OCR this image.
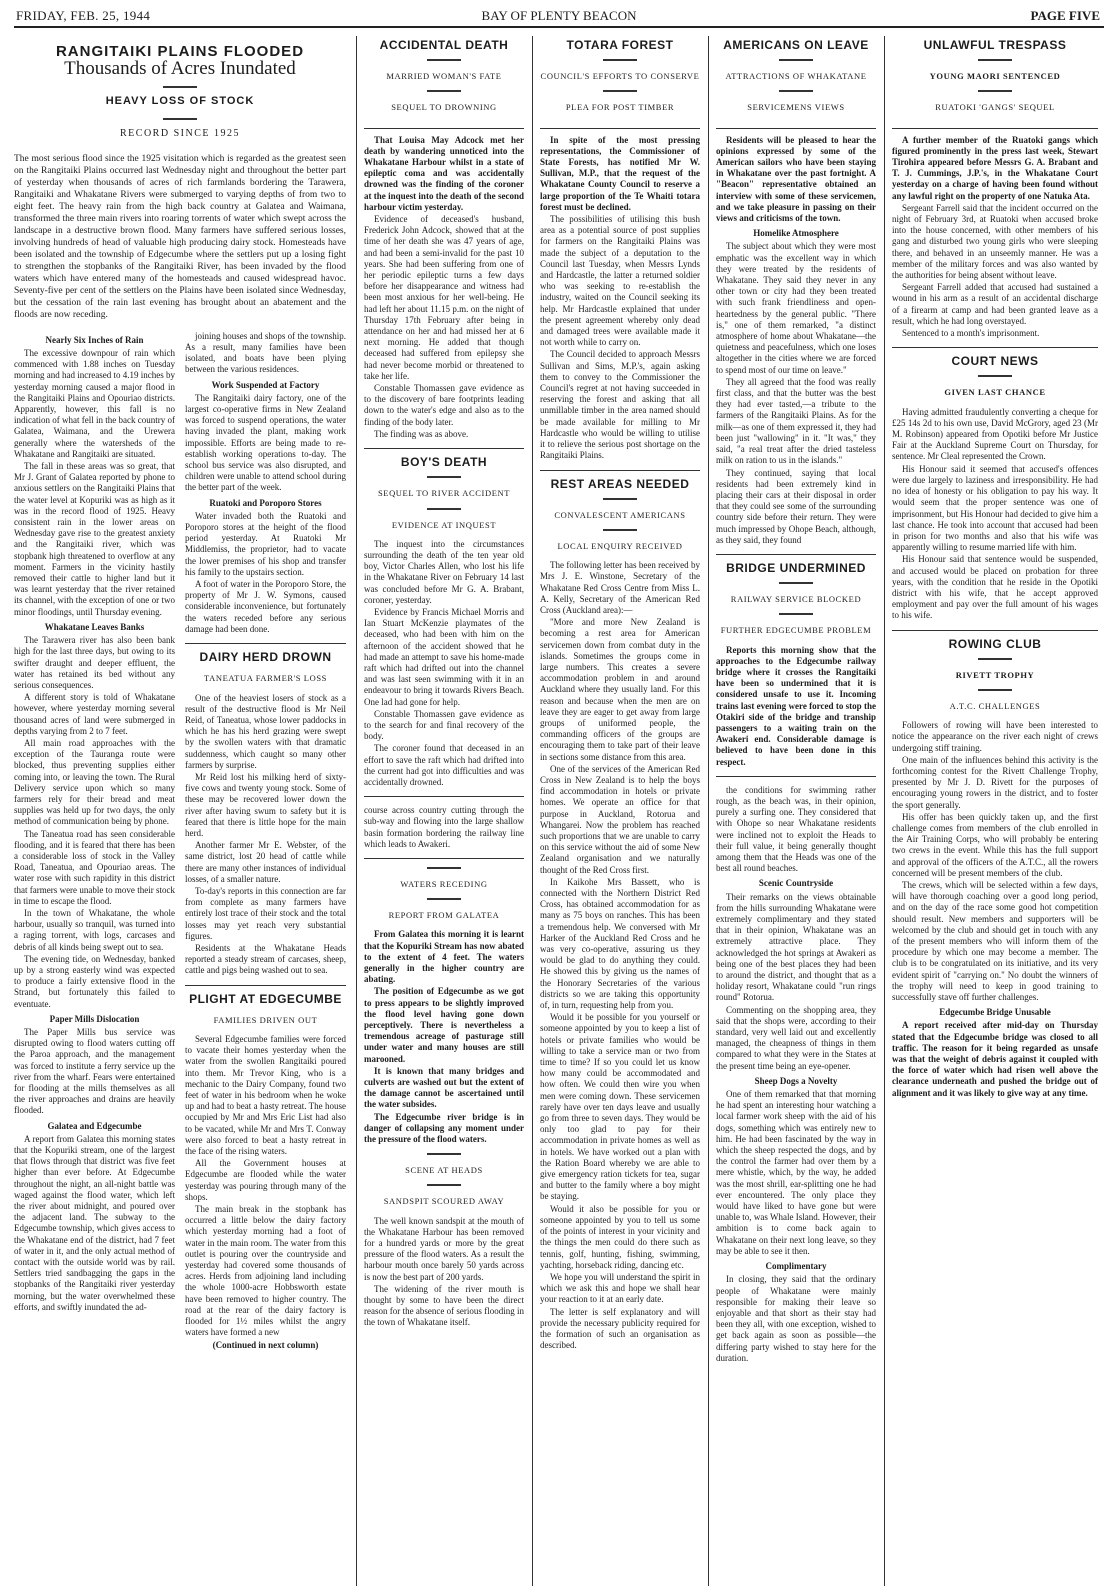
FRIDAY, FEB. 25, 1944	BAY OF PLENTY BEACON	PAGE FIVE
RANGITAIKI PLAINS FLOODED
Thousands of Acres Inundated
HEAVY LOSS OF STOCK
RECORD SINCE 1925
The most serious flood since the 1925 visitation which is regarded as the greatest seen on the Rangitaiki Plains occurred last Wednesday night and throughout the better part of yesterday when thousands of acres of rich farmlands bordering the Tarawera, Rangitaiki and Whakatane Rivers were submerged to varying depths of from two to eight feet. The heavy rain from the high back country at Galatea and Waimana, transformed the three main rivers into roaring torrents of water which swept across the landscape in a destructive brown flood. Many farmers have suffered serious losses, involving hundreds of head of valuable high producing dairy stock. Homesteads have been isolated and the township of Edgecumbe where the settlers put up a losing fight to strengthen the stopbanks of the Rangitaiki River, has been invaded by the flood waters which have entered many of the homesteads and caused widespread havoc. Seventy-five per cent of the settlers on the Plains have been isolated since Wednesday, but the cessation of the rain last evening has brought about an abatement and the floods are now receding.
Nearly Six Inches of Rain

The excessive downpour of rain which commenced with 1.88 inches on Tuesday morning and had increased to 4.19 inches by yesterday morning caused a major flood in the Rangitaiki Plains and Opouriao districts. Apparently, however, this fall is no indication of what fell in the back country of Galatea, Waimana, and the Urewera generally where the watersheds of the Whakatane and Rangitaiki are situated.

The fall in these areas was so great, that Mr J. Grant of Galatea reported by phone to anxious settlers on the Rangitaiki Plains that the water level at Kopuriki was as high as it was in the record flood of 1925. Heavy consistent rain in the lower areas on Wednesday gave rise to the greatest anxiety and the Rangitaiki river, which was stopbank high threatened to overflow at any moment. Farmers in the vicinity hastily removed their cattle to higher land but it was learnt yesterday that the river retained its channel, with the exception of one or two minor floodings, until Thursday evening.

Whakatane Leaves Banks

The Tarawera river has also been bank high for the last three days, but owing to its swifter draught and deeper effluent, the water has retained its bed without any serious consequences.

A different story is told of Whakatane however, where yesterday morning several thousand acres of land were submerged in depths varying from 2 to 7 feet.

All main road approaches with the exception of the Tauranga route were blocked, thus preventing supplies either coming into, or leaving the town. The Rural Delivery service upon which so many farmers rely for their bread and meat supplies was held up for two days, the only method of communication being by phone.

The Taneatua road has seen considerable flooding, and it is feared that there has been a considerable loss of stock in the Valley Road, Taneatua, and Opouriao areas. The water rose with such rapidity in this district that farmers were unable to move their stock in time to escape the flood.

In the town of Whakatane, the whole harbour, usually so tranquil, was turned into a raging torrent, with logs, carcases and debris of all kinds being swept out to sea.

The evening tide, on Wednesday, banked up by a strong easterly wind was expected to produce a fairly extensive flood in the Strand, but fortunately this failed to eventuate.

Paper Mills Dislocation

The Paper Mills bus service was disrupted owing to flood waters cutting off the Paroa approach, and the management was forced to institute a ferry service up the river from the wharf. Fears were entertained for flooding at the mills themselves as all the river approaches and drains are heavily flooded.

Galatea and Edgecumbe

A report from Galatea this morning states that the Kopuriki stream, one of the largest that flows through that district was five feet higher than ever before. At Edgecumbe throughout the night, an all-night battle was waged against the flood water, which left the river about midnight, and poured over the adjacent land. The subway to the Edgecumbe township, which gives access to the Whakatane end of the district, had 7 feet of water in it, and the only actual method of contact with the outside world was by rail. Settlers tried sandbagging the gaps in the stopbanks of the Rangitaiki river yesterday morning, but the water overwhelmed these efforts, and swiftly inundated the ad-

joining houses and shops of the township. As a result, many families have been isolated, and boats have been plying between the various residences.

Work Suspended at Factory

The Rangitaiki dairy factory, one of the largest co-operative firms in New Zealand was forced to suspend operations, the water having invaded the plant, making work impossible. Efforts are being made to re-establish working operations to-day. The school bus service was also disrupted, and children were unable to attend school during the better part of the week.

Ruatoki and Poroporo Stores

Water invaded both the Ruatoki and Poroporo stores at the height of the flood period yesterday. At Ruatoki Mr Middlemiss, the proprietor, had to vacate the lower premises of his shop and transfer his family to the upstairs section.

A foot of water in the Poroporo Store, the property of Mr J. W. Symons, caused considerable inconvenience, but fortunately the waters receded before any serious damage had been done.

DAIRY HERD DROWN
TANEATUA FARMER'S LOSS

One of the heaviest losers of stock as a result of the destructive flood is Mr Neil Reid, of Taneatua, whose lower paddocks in which he has his herd grazing were swept by the swollen waters with that dramatic suddenness, which caught so many other farmers by surprise.

Mr Reid lost his milking herd of sixty-five cows and twenty young stock. Some of these may be recovered lower down the river after having swum to safety but it is feared that there is little hope for the main herd.

Another farmer Mr E. Webster, of the same district, lost 20 head of cattle while there are many other instances of individual losses, of a smaller nature.

To-day's reports in this connection are far from complete as many farmers have entirely lost trace of their stock and the total losses may yet reach very substantial figures.

Residents at the Whakatane Heads reported a steady stream of carcases, sheep, cattle and pigs being washed out to sea.

PLIGHT AT EDGECUMBE
FAMILIES DRIVEN OUT

Several Edgecumbe families were forced to vacate their homes yesterday when the water from the swollen Rangitaiki poured into them. Mr Trevor King, who is a mechanic to the Dairy Company, found two feet of water in his bedroom when he woke up and had to beat a hasty retreat. The house occupied by Mr and Mrs Eric List had also to be vacated, while Mr and Mrs T. Conway were also forced to beat a hasty retreat in the face of the rising waters.

All the Government houses at Edgecumbe are flooded while the water yesterday was pouring through many of the shops.

The main break in the stopbank has occurred a little below the dairy factory which yesterday morning had a foot of water in the main room. The water from this outlet is pouring over the countryside and yesterday had covered some thousands of acres. Herds from adjoining land including the whole 1000-acre Hobbsworth estate have been removed to higher country. The road at the rear of the dairy factory is flooded for 1½ miles whilst the angry waters have formed a new

(Continued in next column)
ACCIDENTAL DEATH
MARRIED WOMAN'S FATE
SEQUEL TO DROWNING

That Louisa May Adcock met her death by wandering unnoticed into the Whakatane Harbour whilst in a state of epileptic coma and was accidentally drowned was the finding of the coroner at the inquest into the death of the second harbour victim yesterday.

Evidence of deceased's husband, Frederick John Adcock, showed that at the time of her death she was 47 years of age, and had been a semi-invalid for the past 10 years. She had been suffering from one of her periodic epileptic turns a few days before her disappearance and witness had been most anxious for her well-being. He had left her about 11.15 p.m. on the night of Thursday 17th February after being in attendance on her and had missed her at 6 next morning. He added that though deceased had suffered from epilepsy she had never become morbid or threatened to take her life.

Constable Thomassen gave evidence as to the discovery of bare footprints leading down to the water's edge and also as to the finding of the body later.

The finding was as above.

BOY'S DEATH
SEQUEL TO RIVER ACCIDENT
EVIDENCE AT INQUEST

The inquest into the circumstances surrounding the death of the ten year old boy, Victor Charles Allen, who lost his life in the Whakatane River on February 14 last was concluded before Mr G. A. Brabant, coroner, yesterday.

Evidence by Francis Michael Morris and Ian Stuart McKenzie playmates of the deceased, who had been with him on the afternoon of the accident showed that he had made an attempt to save his home-made raft which had drifted out into the channel and was last seen swimming with it in an endeavour to bring it towards Rivers Beach. One lad had gone for help.

Constable Thomassen gave evidence as to the search for and final recovery of the body.

The coroner found that deceased in an effort to save the raft which had drifted into the current had got into difficulties and was accidentally drowned.

course across country cutting through the sub-way and flowing into the large shallow basin formation bordering the railway line which leads to Awakeri.

WATERS RECEDING
REPORT FROM GALATEA

From Galatea this morning it is learnt that the Kopuriki Stream has now abated to the extent of 4 feet. The waters generally in the higher country are abating.

The position of Edgecumbe as we got to press appears to be slightly improved the flood level having gone down perceptively. There is nevertheless a tremendous acreage of pasturage still under water and many houses are still marooned.

It is known that many bridges and culverts are washed out but the extent of the damage cannot be ascertained until the water subsides.

The Edgecumbe river bridge is in danger of collapsing any moment under the pressure of the flood waters.

SCENE AT HEADS
SANDSPIT SCOURED AWAY

The well known sandspit at the mouth of the Whakatane Harbour has been removed for a hundred yards or more by the great pressure of the flood waters. As a result the harbour mouth once barely 50 yards across is now the best part of 200 yards.

The widening of the river mouth is thought by some to have been the direct reason for the absence of serious flooding in the town of Whakatane itself.

TOTARA FOREST
COUNCIL'S EFFORTS TO CONSERVE
PLEA FOR POST TIMBER

In spite of the most pressing representations, the Commissioner of State Forests, has notified Mr W. Sullivan, M.P., that the request of the Whakatane County Council to reserve a large proportion of the Te Whaiti totara forest must be declined.

The possibilities of utilising this bush area as a potential source of post supplies for farmers on the Rangitaiki Plains was made the subject of a deputation to the Council last Tuesday, when Messrs Lynds and Hardcastle, the latter a returned soldier who was seeking to re-establish the industry, waited on the Council seeking its help. Mr Hardcastle explained that under the present agreement whereby only dead and damaged trees were available made it not worth while to carry on.

The Council decided to approach Messrs Sullivan and Sims, M.P.'s, again asking them to convey to the Commissioner the Council's regret at not having succeeded in reserving the forest and asking that all unmillable timber in the area named should be made available for milling to Mr Hardcastle who would be willing to utilise it to relieve the serious post shortage on the Rangitaiki Plains.

REST AREAS NEEDED
CONVALESCENT AMERICANS
LOCAL ENQUIRY RECEIVED

The following letter has been received by Mrs J. E. Winstone, Secretary of the Whakatane Red Cross Centre from Miss L. A. Kelly, Secretary of the American Red Cross (Auckland area):—

"More and more New Zealand is becoming a rest area for American servicemen down from combat duty in the islands. Sometimes the groups come in large numbers. This creates a severe accommodation problem in and around Auckland where they usually land. For this reason and because when the men are on leave they are eager to get away from large groups of uniformed people, the commanding officers of the groups are encouraging them to take part of their leave in sections some distance from this area.

One of the services of the American Red Cross in New Zealand is to help the boys find accommodation in hotels or private homes. We operate an office for that purpose in Auckland, Rotorua and Whangarei. Now the problem has reached such proportions that we are unable to carry on this service without the aid of some New Zealand organisation and we naturally thought of the Red Cross first.

In Kaikohe Mrs Bassett, who is connected with the Northern District Red Cross, has obtained accommodation for as many as 75 boys on ranches. This has been a tremendous help. We conversed with Mr Harker of the Auckland Red Cross and he was very co-operative, assuring us they would be glad to do anything they could. He showed this by giving us the names of the Honorary Secretaries of the various districts so we are taking this opportunity of, in turn, requesting help from you.

Would it be possible for you yourself or someone appointed by you to keep a list of hotels or private families who would be willing to take a service man or two from time to time? If so you could let us know how many could be accommodated and how often. We could then wire you when men were coming down. These servicemen rarely have over ten days leave and usually go from three to seven days. They would be only too glad to pay for their accommodation in private homes as well as in hotels. We have worked out a plan with the Ration Board whereby we are able to give emergency ration tickets for tea, sugar and butter to the family where a boy might be staying.

Would it also be possible for you or someone appointed by you to tell us some of the points of interest in your vicinity and the things the men could do there such as tennis, golf, hunting, fishing, swimming, yachting, horseback riding, dancing etc.

We hope you will understand the spirit in which we ask this and hope we shall hear your reaction to it at an early date.

The letter is self explanatory and will provide the necessary publicity required for the formation of such an organisation as described.

AMERICANS ON LEAVE
ATTRACTIONS OF WHAKATANE
SERVICEMENS VIEWS

Residents will be pleased to hear the opinions expressed by some of the American sailors who have been staying in Whakatane over the past fortnight. A "Beacon" representative obtained an interview with some of these servicemen, and we take pleasure in passing on their views and criticisms of the town.

Homelike Atmosphere

The subject about which they were most emphatic was the excellent way in which they were treated by the residents of Whakatane. They said they never in any other town or city had they been treated with such frank friendliness and open-heartedness by the general public. "There is," one of them remarked, "a distinct atmosphere of home about Whakatane—the quietness and peacefulness, which one loses altogether in the cities where we are forced to spend most of our time on leave."

They all agreed that the food was really first class, and that the butter was the best they had ever tasted,—a tribute to the farmers of the Rangitaiki Plains. As for the milk—as one of them expressed it, they had been just "wallowing" in it. "It was," they said, "a real treat after the dried tasteless milk on ration to us in the islands."

They continued, saying that local residents had been extremely kind in placing their cars at their disposal in order that they could see some of the surrounding country side before their return. They were much impressed by Ohope Beach, although, as they said, they found

BRIDGE UNDERMINED
RAILWAY SERVICE BLOCKED
FURTHER EDGECUMBE PROBLEM

Reports this morning show that the approaches to the Edgecumbe railway bridge where it crosses the Rangitaiki have been so undermined that it is considered unsafe to use it. Incoming trains last evening were forced to stop the Otakiri side of the bridge and tranship passengers to a waiting train on the Awakeri end. Considerable damage is believed to have been done in this respect.

the conditions for swimming rather rough, as the beach was, in their opinion, purely a surfing one. They considered that with Ohope so near Whakatane residents were inclined not to exploit the Heads to their full value, it being generally thought among them that the Heads was one of the best all round beaches.

Scenic Countryside

Their remarks on the views obtainable from the hills surrounding Whakatane were extremely complimentary and they stated that in their opinion, Whakatane was an extremely attractive place. They acknowledged the hot springs at Awakeri as being one of the best places they had been to around the district, and thought that as a holiday resort, Whakatane could "run rings round" Rotorua.

Commenting on the shopping area, they said that the shops were, according to their standard, very well laid out and excellently managed, the cheapness of things in them compared to what they were in the States at the present time being an eye-opener.

Sheep Dogs a Novelty

One of them remarked that that morning he had spent an interesting hour watching a local farmer work sheep with the aid of his dogs, something which was entirely new to him. He had been fascinated by the way in which the sheep respected the dogs, and by the control the farmer had over them by a mere whistle, which, by the way, he added was the most shrill, ear-splitting one he had ever encountered. The only place they would have liked to have gone but were unable to, was Whale Island. However, their ambition is to come back again to Whakatane on their next long leave, so they may be able to see it then.

Complimentary

In closing, they said that the ordinary people of Whakatane were mainly responsible for making their leave so enjoyable and that short as their stay had been they all, with one exception, wished to get back again as soon as possible—the differing party wished to stay here for the duration.

UNLAWFUL TRESPASS
YOUNG MAORI SENTENCED
RUATOKI 'GANGS' SEQUEL

A further member of the Ruatoki gangs which figured prominently in the press last week, Stewart Tirohira appeared before Messrs G. A. Brabant and T. J. Cummings, J.P.'s, in the Whakatane Court yesterday on a charge of having been found without any lawful right on the property of one Natuka Ata.

Sergeant Farrell said that the incident occurred on the night of February 3rd, at Ruatoki when accused broke into the house concerned, with other members of his gang and disturbed two young girls who were sleeping there, and behaved in an unseemly manner. He was a member of the military forces and was also wanted by the authorities for being absent without leave.

Sergeant Farrell added that accused had sustained a wound in his arm as a result of an accidental discharge of a firearm at camp and had been granted leave as a result, which he had long overstayed.

Sentenced to a month's imprisonment.

COURT NEWS
GIVEN LAST CHANCE

Having admitted fraudulently converting a cheque for £25 14s 2d to his own use, David McGrory, aged 23 (Mr M. Robinson) appeared from Opotiki before Mr Justice Fair at the Auckland Supreme Court on Thursday, for sentence. Mr Cleal represented the Crown.

His Honour said it seemed that accused's offences were due largely to laziness and irresponsibility. He had no idea of honesty or his obligation to pay his way. It would seem that the proper sentence was one of imprisonment, but His Honour had decided to give him a last chance. He took into account that accused had been in prison for two months and also that his wife was apparently willing to resume married life with him.

His Honour said that sentence would be suspended, and accused would be placed on probation for three years, with the condition that he reside in the Opotiki district with his wife, that he accept approved employment and pay over the full amount of his wages to his wife.

ROWING CLUB
RIVETT TROPHY
A.T.C. CHALLENGES

Followers of rowing will have been interested to notice the appearance on the river each night of crews undergoing stiff training.

One main of the influences behind this activity is the forthcoming contest for the Rivett Challenge Trophy, presented by Mr J. D. Rivett for the purposes of encouraging young rowers in the district, and to foster the sport generally.

His offer has been quickly taken up, and the first challenge comes from members of the club enrolled in the Air Training Corps, who will probably be entering two crews in the event. While this has the full support and approval of the officers of the A.T.C., all the rowers concerned will be present members of the club.

The crews, which will be selected within a few days, will have thorough coaching over a good long period, and on the day of the race some good hot competition should result. New members and supporters will be welcomed by the club and should get in touch with any of the present members who will inform them of the procedure by which one may become a member. The club is to be congratulated on its initiative, and its very evident spirit of "carrying on." No doubt the winners of the trophy will need to keep in good training to successfully stave off further challenges.

Edgecumbe Bridge Unusable

A report received after mid-day on Thursday stated that the Edgecumbe bridge was closed to all traffic. The reason for it being regarded as unsafe was that the weight of debris against it coupled with the force of water which had risen well above the clearance underneath and pushed the bridge out of alignment and it was likely to give way at any time.
